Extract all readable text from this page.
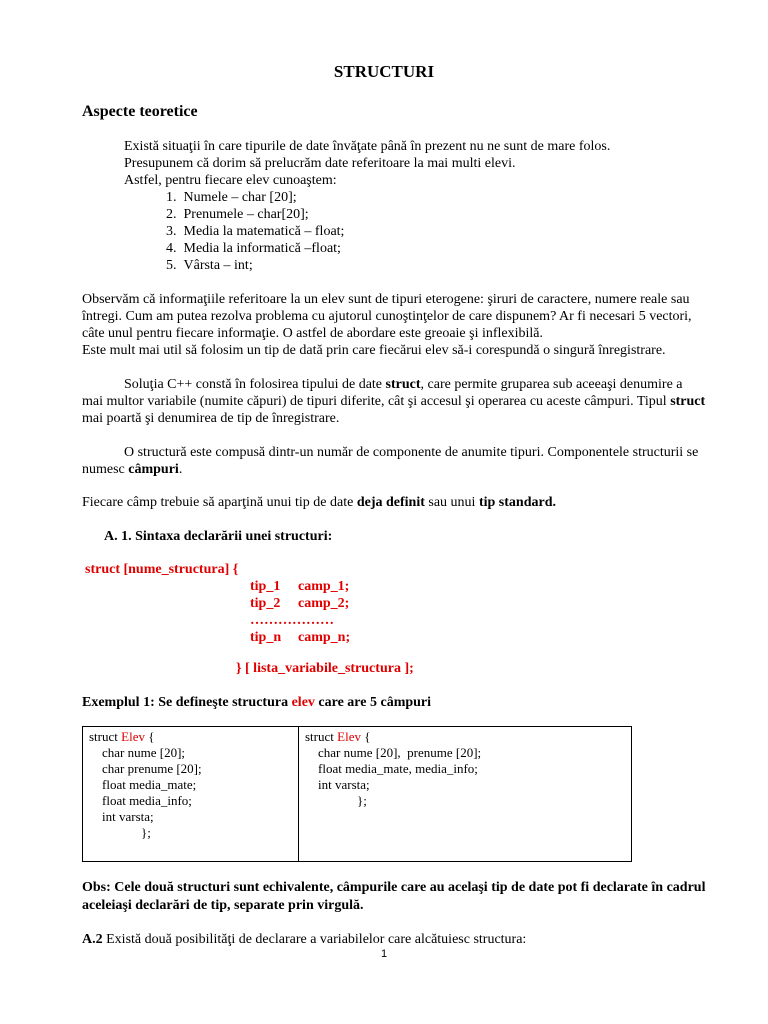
STRUCTURI
Aspecte teoretice
Există situaţii în care tipurile de date învăţate până în prezent nu ne sunt de mare folos.
Presupunem că dorim să prelucrăm date referitoare la mai multi elevi.
Astfel, pentru fiecare elev cunoaştem:
1. Numele – char [20];
2. Prenumele – char[20];
3. Media la matematică – float;
4. Media la informatică –float;
5. Vârsta – int;
Observăm că informaţiile referitoare la un elev sunt de tipuri eterogene: şiruri de caractere, numere reale sau
întregi. Cum am putea rezolva problema cu ajutorul cunoştinţelor de care dispunem? Ar fi necesari 5 vectori,
câte unul pentru fiecare informaţie. O astfel de abordare este greoaie şi inflexibilă.
Este mult mai util să folosim un tip de dată prin care fiecărui elev să-i corespundă o singură înregistrare.
Soluţia C++ constă în folosirea tipului de date struct, care permite gruparea sub aceeaşi denumire a
mai multor variabile (numite căpuri) de tipuri diferite, cât şi accesul şi operarea cu aceste câmpuri. Tipul struct
mai poartă şi denumirea de tip de înregistrare.
O structură este compusă dintr-un număr de componente de anumite tipuri. Componentele structurii se
numesc câmpuri.
Fiecare câmp trebuie să aparţină unui tip de date deja definit sau unui tip standard.
A. 1. Sintaxa declarării unei structuri:
struct [nume_structura] {
tip_1 camp_1;
tip_2 camp_2;
………………
tip_n camp_n;
} [ lista_variabile_structura ];
Exemplul 1: Se defineşte structura elev care are 5 câmpuri
struct Elev {
char nume [20];
char prenume [20];
float media_mate;
float media_info;
int varsta;
};

struct Elev {
char nume [20],  prenume [20];
float media_mate, media_info;
int varsta;
};
Obs: Cele două structuri sunt echivalente, câmpurile care au acelaşi tip de date pot fi declarate în cadrul
aceleiaşi declarări de tip, separate prin virgulă.
A.2 Există două posibilităţi de declarare a variabilelor care alcătuiesc structura:
1
